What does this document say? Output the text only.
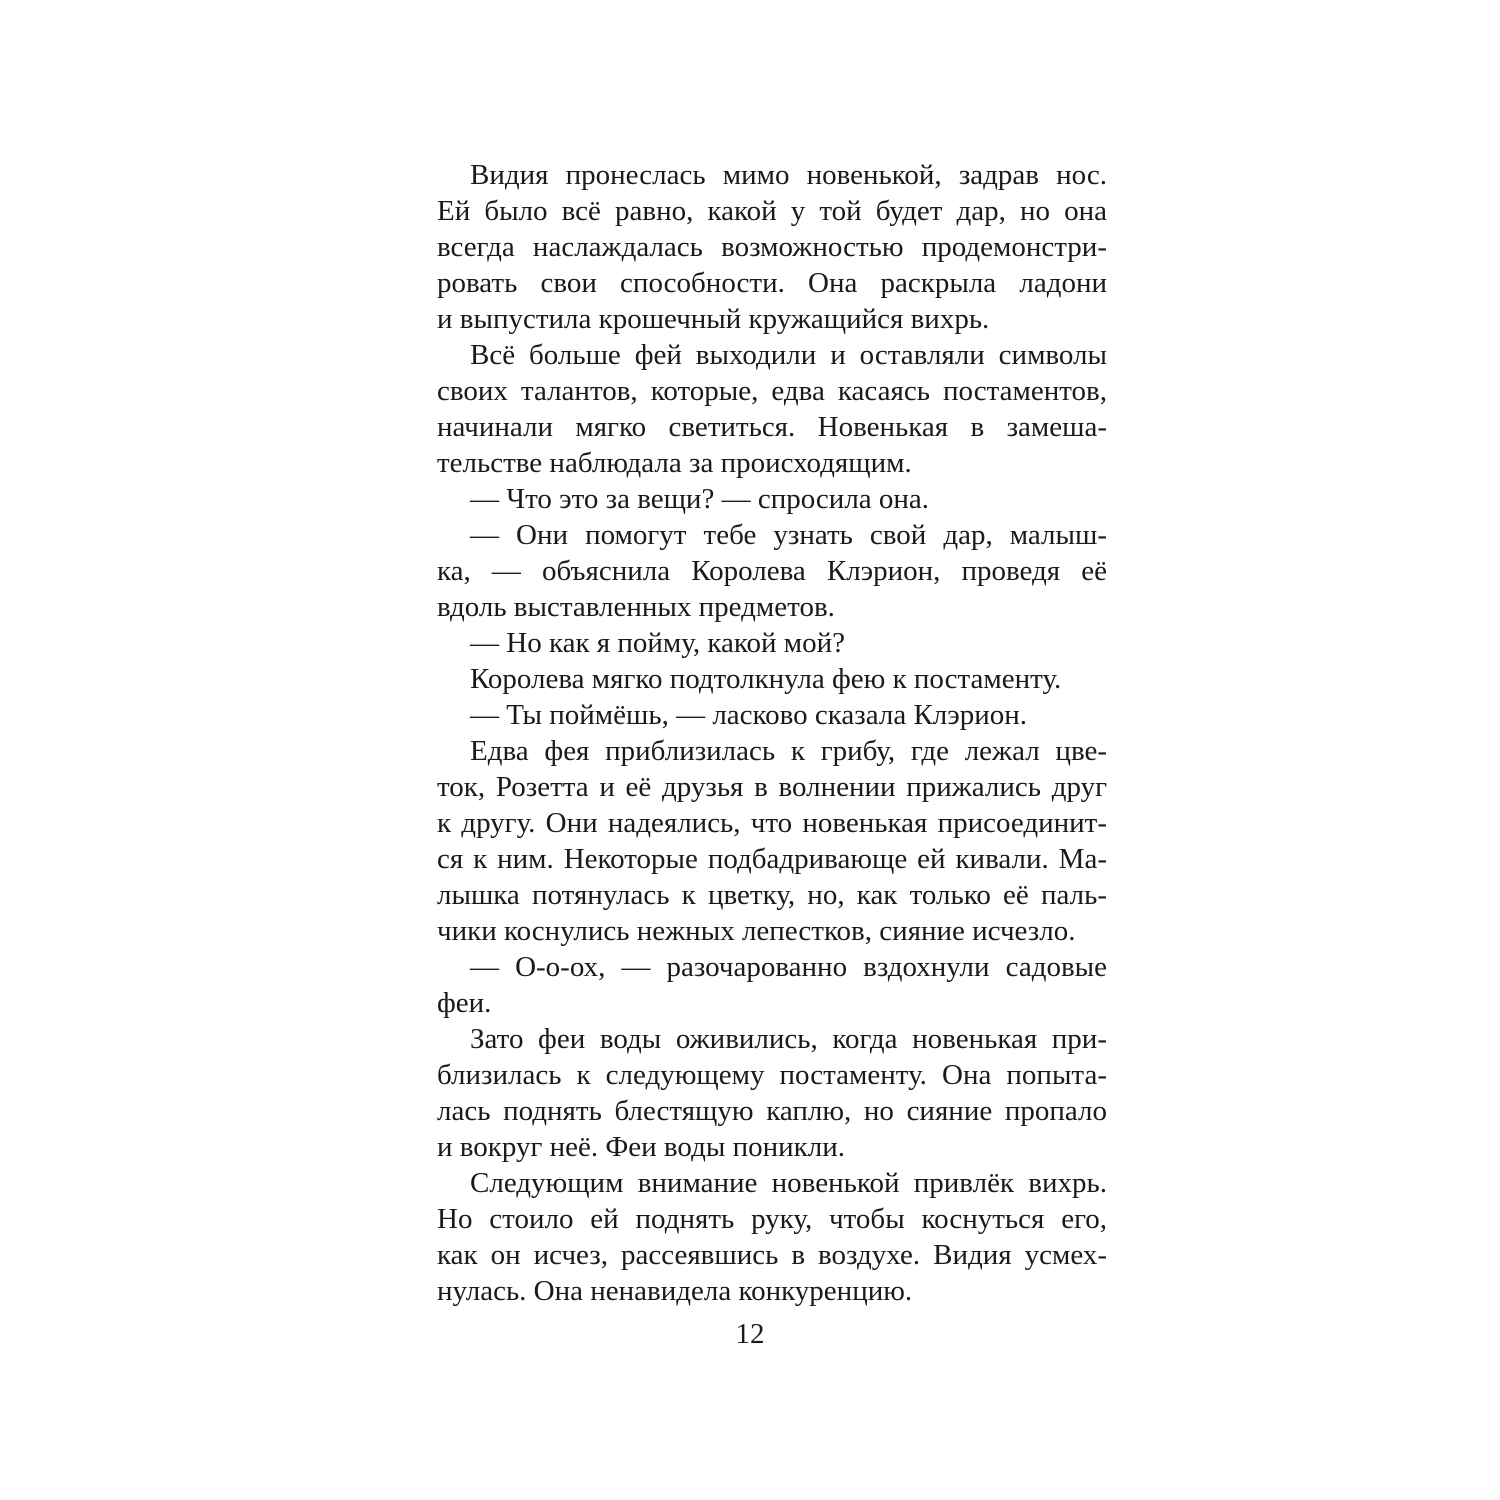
Видия пронеслась мимо новенькой, задрав нос.
Ей было всё равно, какой у той будет дар, но она
всегда наслаждалась возможностью продемонстри-
ровать свои способности. Она раскрыла ладони
и выпустила крошечный кружащийся вихрь.
Всё больше фей выходили и оставляли символы
своих талантов, которые, едва касаясь постаментов,
начинали мягко светиться. Новенькая в замеша-
тельстве наблюдала за происходящим.
— Что это за вещи? — спросила она.
— Они помогут тебе узнать свой дар, малыш-
ка, — объяснила Королева Клэрион, проведя её
вдоль выставленных предметов.
— Но как я пойму, какой мой?
Королева мягко подтолкнула фею к постаменту.
— Ты поймёшь, — ласково сказала Клэрион.
Едва фея приблизилась к грибу, где лежал цве-
ток, Розетта и её друзья в волнении прижались друг
к другу. Они надеялись, что новенькая присоединит-
ся к ним. Некоторые подбадривающе ей кивали. Ма-
лышка потянулась к цветку, но, как только её паль-
чики коснулись нежных лепестков, сияние исчезло.
— О-о-ох, — разочарованно вздохнули садовые
феи.
Зато феи воды оживились, когда новенькая при-
близилась к следующему постаменту. Она попыта-
лась поднять блестящую каплю, но сияние пропало
и вокруг неё. Феи воды поникли.
Следующим внимание новенькой привлёк вихрь.
Но стоило ей поднять руку, чтобы коснуться его,
как он исчез, рассеявшись в воздухе. Видия усмех-
нулась. Она ненавидела конкуренцию.
12
